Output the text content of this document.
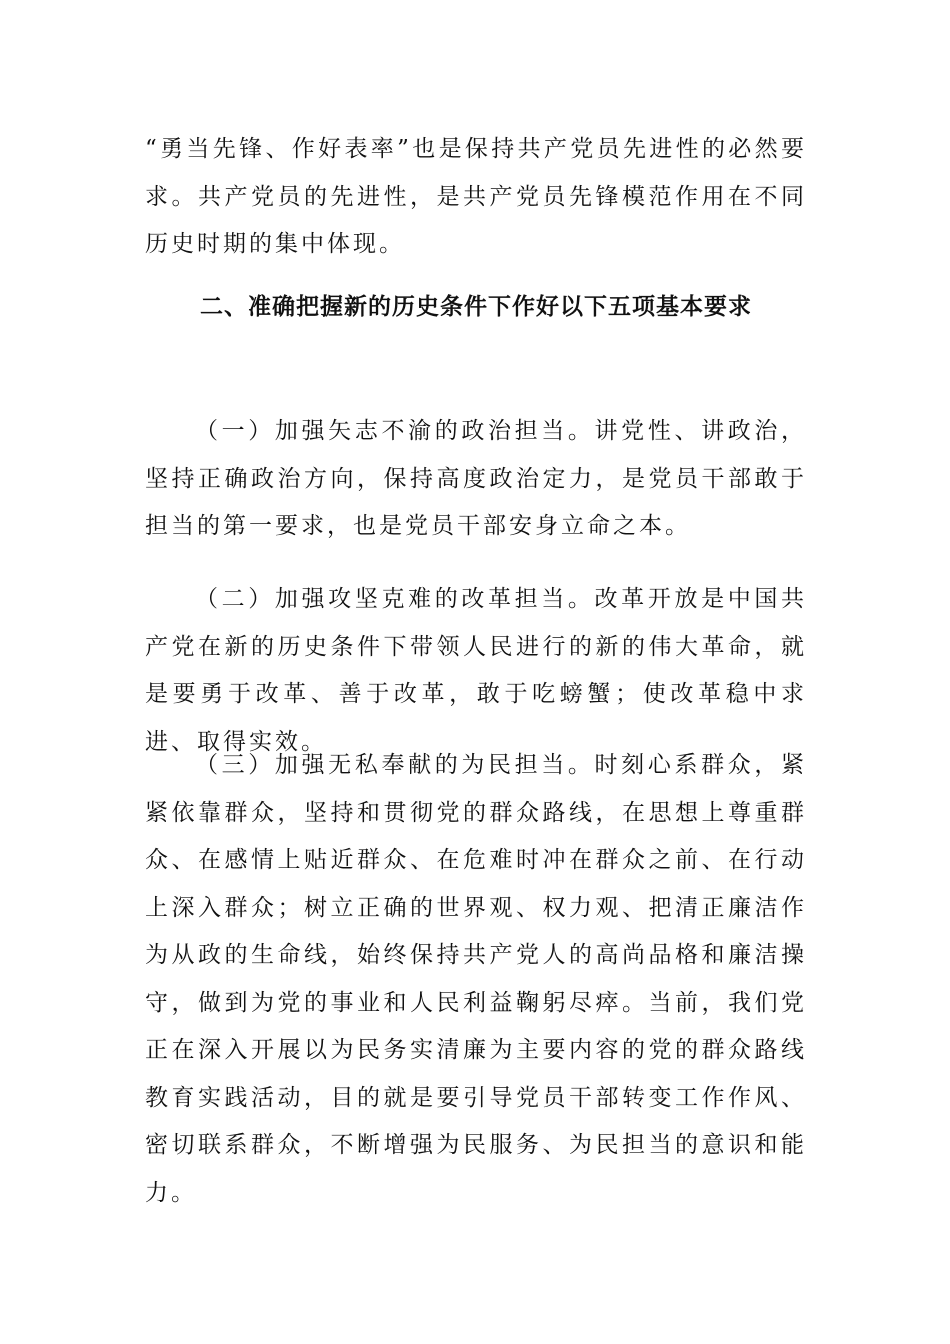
“勇当先锋、作好表率”也是保持共产党员先进性的必然要求。共产党员的先进性，是共产党员先锋模范作用在不同历史时期的集中体现。

二、准确把握新的历史条件下作好以下五项基本要求

（一）加强矢志不渝的政治担当。讲党性、讲政治，坚持正确政治方向，保持高度政治定力，是党员干部敢于担当的第一要求，也是党员干部安身立命之本。

（二）加强攻坚克难的改革担当。改革开放是中国共产党在新的历史条件下带领人民进行的新的伟大革命，就是要勇于改革、善于改革，敢于吃螃蟹；使改革稳中求进、取得实效。

（三）加强无私奉献的为民担当。时刻心系群众，紧紧依靠群众，坚持和贯彻党的群众路线，在思想上尊重群众、在感情上贴近群众、在危难时冲在群众之前、在行动上深入群众；树立正确的世界观、权力观、把清正廉洁作为从政的生命线，始终保持共产党人的高尚品格和廉洁操守，做到为党的事业和人民利益鞠躬尽瘁。当前，我们党正在深入开展以为民务实清廉为主要内容的党的群众路线教育实践活动，目的就是要引导党员干部转变工作作风、密切联系群众，不断增强为民服务、为民担当的意识和能力。
